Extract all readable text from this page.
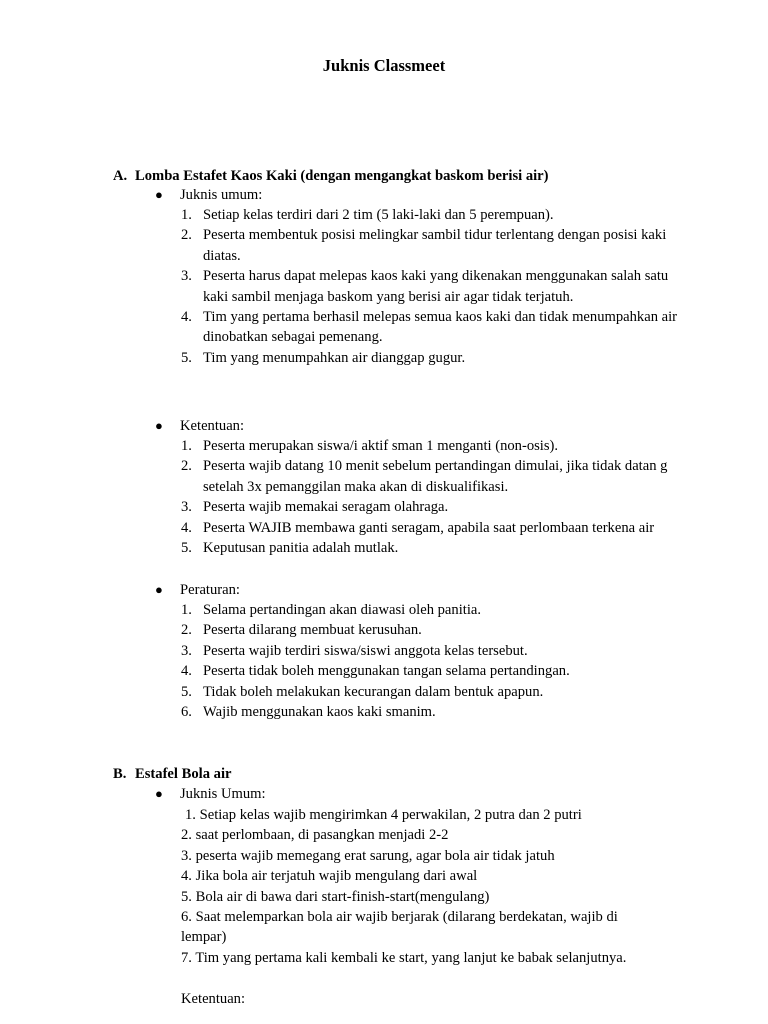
Juknis Classmeet
A. Lomba Estafet Kaos Kaki (dengan mengangkat baskom berisi air)
● Juknis umum:
1. Setiap kelas terdiri dari 2 tim (5 laki-laki dan 5 perempuan).
2. Peserta membentuk posisi melingkar sambil tidur terlentang dengan posisi kaki diatas.
3. Peserta harus dapat melepas kaos kaki yang dikenakan menggunakan salah satu kaki sambil menjaga baskom yang berisi air agar tidak terjatuh.
4. Tim yang pertama berhasil melepas semua kaos kaki dan tidak menumpahkan air dinobatkan sebagai pemenang.
5. Tim yang menumpahkan air dianggap gugur.
● Ketentuan:
1. Peserta merupakan siswa/i aktif sman 1 menganti (non-osis).
2. Peserta wajib datang 10 menit sebelum pertandingan dimulai, jika tidak datan g setelah 3x pemanggilan maka akan di diskualifikasi.
3. Peserta wajib memakai seragam olahraga.
4. Peserta WAJIB membawa ganti seragam, apabila saat perlombaan terkena air
5. Keputusan panitia adalah mutlak.
● Peraturan:
1. Selama pertandingan akan diawasi oleh panitia.
2. Peserta dilarang membuat kerusuhan.
3. Peserta wajib terdiri siswa/siswi anggota kelas tersebut.
4. Peserta tidak boleh menggunakan tangan selama pertandingan.
5. Tidak boleh melakukan kecurangan dalam bentuk apapun.
6. Wajib menggunakan kaos kaki smanim.
B. Estafel Bola air
● Juknis Umum:
1. Setiap kelas wajib mengirimkan 4 perwakilan, 2 putra dan 2 putri
2. saat perlombaan, di pasangkan menjadi 2-2
3. peserta wajib memegang erat sarung, agar bola air tidak jatuh
4. Jika bola air terjatuh wajib mengulang dari awal
5. Bola air di bawa dari start-finish-start(mengulang)
6. Saat melemparkan bola air wajib berjarak (dilarang berdekatan, wajib di lempar)
7. Tim yang pertama kali kembali ke start, yang lanjut ke babak selanjutnya.
Ketentuan:
